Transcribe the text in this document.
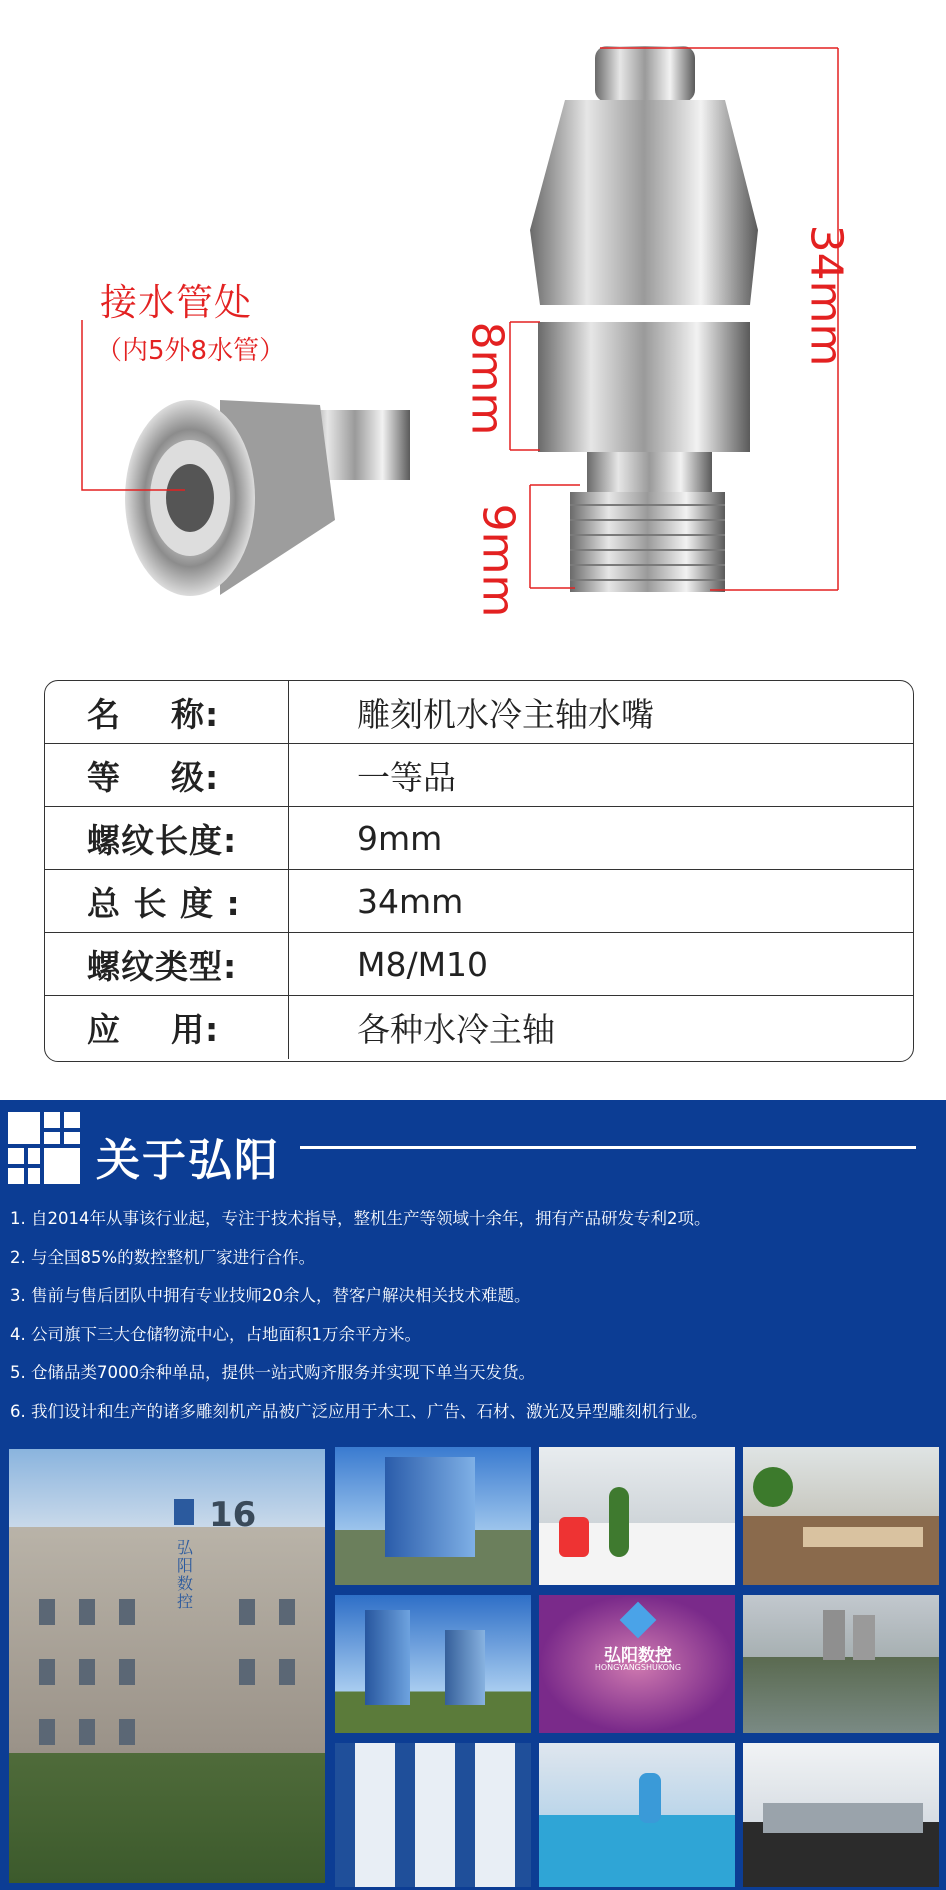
接水管处
（内5外8水管）	34mm
8mm
9mm
名    称:	雕刻机水冷主轴水嘴
等    级:	一等品
螺纹长度:	9mm
总 长 度 :	34mm
螺纹类型:	M8/M10
应    用:	各种水冷主轴
关于弘阳
1. 自2014年从事该行业起，专注于技术指导，整机生产等领域十余年，拥有产品研发专利2项。
2. 与全国85%的数控整机厂家进行合作。
3. 售前与售后团队中拥有专业技师20余人，替客户解决相关技术难题。
4. 公司旗下三大仓储物流中心，占地面积1万余平方米。
5. 仓储品类7000余种单品，提供一站式购齐服务并实现下单当天发货。
6. 我们设计和生产的诸多雕刻机产品被广泛应用于木工、广告、石材、激光及异型雕刻机行业。
16
弘阳数控
弘阳数控
HONGYANGSHUKONG
